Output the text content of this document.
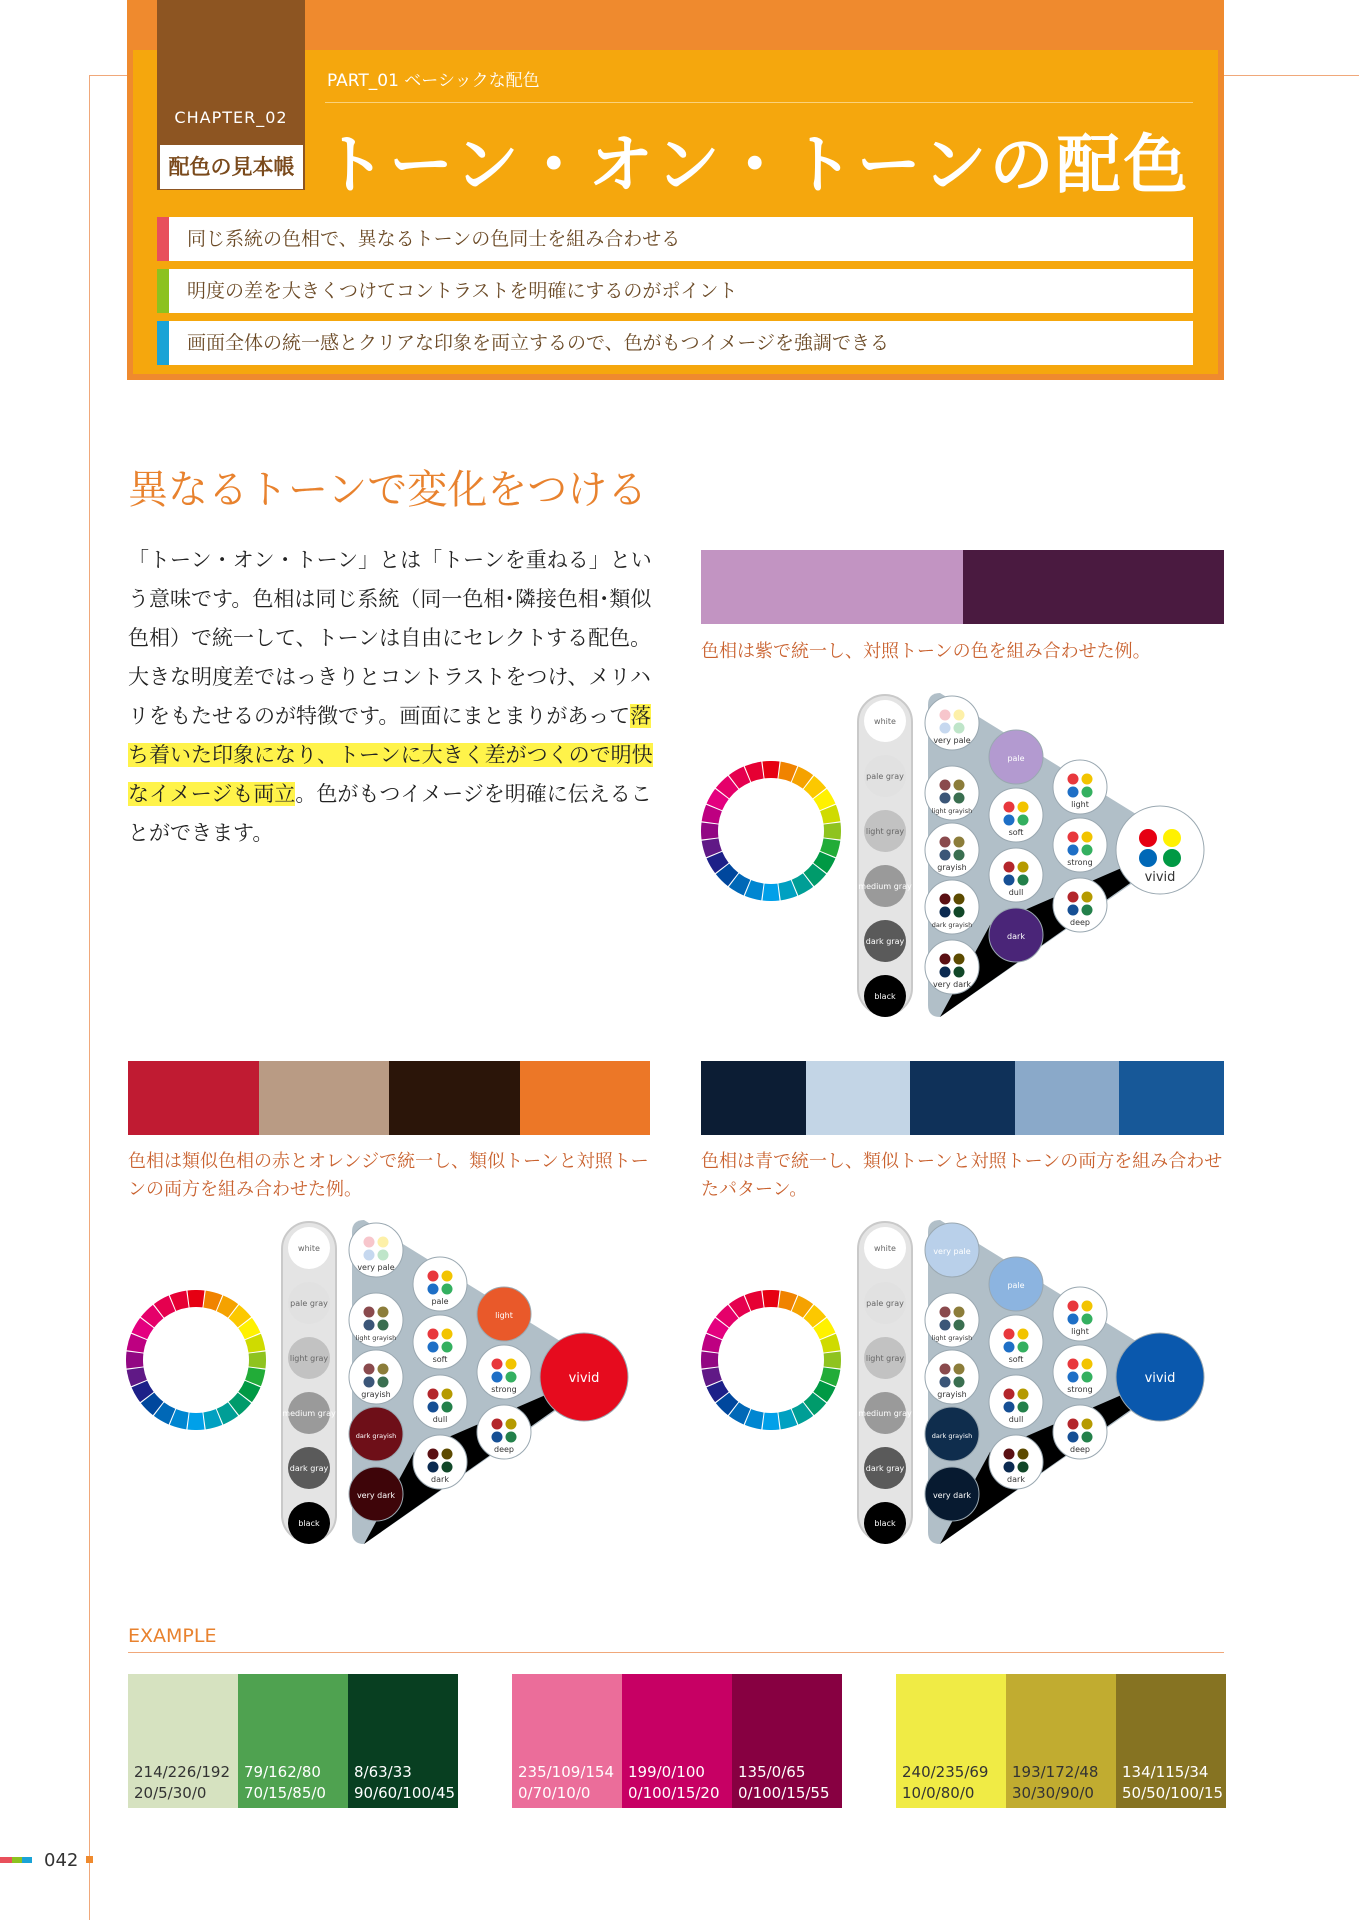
CHAPTER_02
配色の見本帳
PART_01 ベーシックな配色
トーン・オン・トーンの配色
同じ系統の色相で、異なるトーンの色同士を組み合わせる
明度の差を大きくつけてコントラストを明確にするのがポイント
画面全体の統一感とクリアな印象を両立するので、色がもつイメージを強調できる
異なるトーンで変化をつける
「トーン・オン・トーン」とは「トーンを重ねる」という意味です。色相は同じ系統（同一色相･隣接色相･類似色相）で統一して、トーンは自由にセレクトする配色。大きな明度差ではっきりとコントラストをつけ、メリハリをもたせるのが特徴です。画面にまとまりがあって落ち着いた印象になり、トーンに大きく差がつくので明快なイメージも両立。色がもつイメージを明確に伝えることができます。
色相は紫で統一し、対照トーンの色を組み合わせた例。
white
pale gray
light gray
medium gray
dark gray
black
very pale
light grayish
grayish
dark grayish
very dark
pale
soft
dull
dark
light
strong
deep
vivid
色相は類似色相の赤とオレンジで統一し、類似トーンと対照トーンの両方を組み合わせた例。
white
pale gray
light gray
medium gray
dark gray
black
very pale
light grayish
grayish
dark grayish
very dark
pale
soft
dull
dark
light
strong
deep
vivid
色相は青で統一し、類似トーンと対照トーンの両方を組み合わせたパターン。
white
pale gray
light gray
medium gray
dark gray
black
very pale
light grayish
grayish
dark grayish
very dark
pale
soft
dull
dark
light
strong
deep
vivid
EXAMPLE
214/226/192
20/5/30/0
79/162/80
70/15/85/0
8/63/33
90/60/100/45
235/109/154
0/70/10/0
199/0/100
0/100/15/20
135/0/65
0/100/15/55
240/235/69
10/0/80/0
193/172/48
30/30/90/0
134/115/34
50/50/100/15
042
